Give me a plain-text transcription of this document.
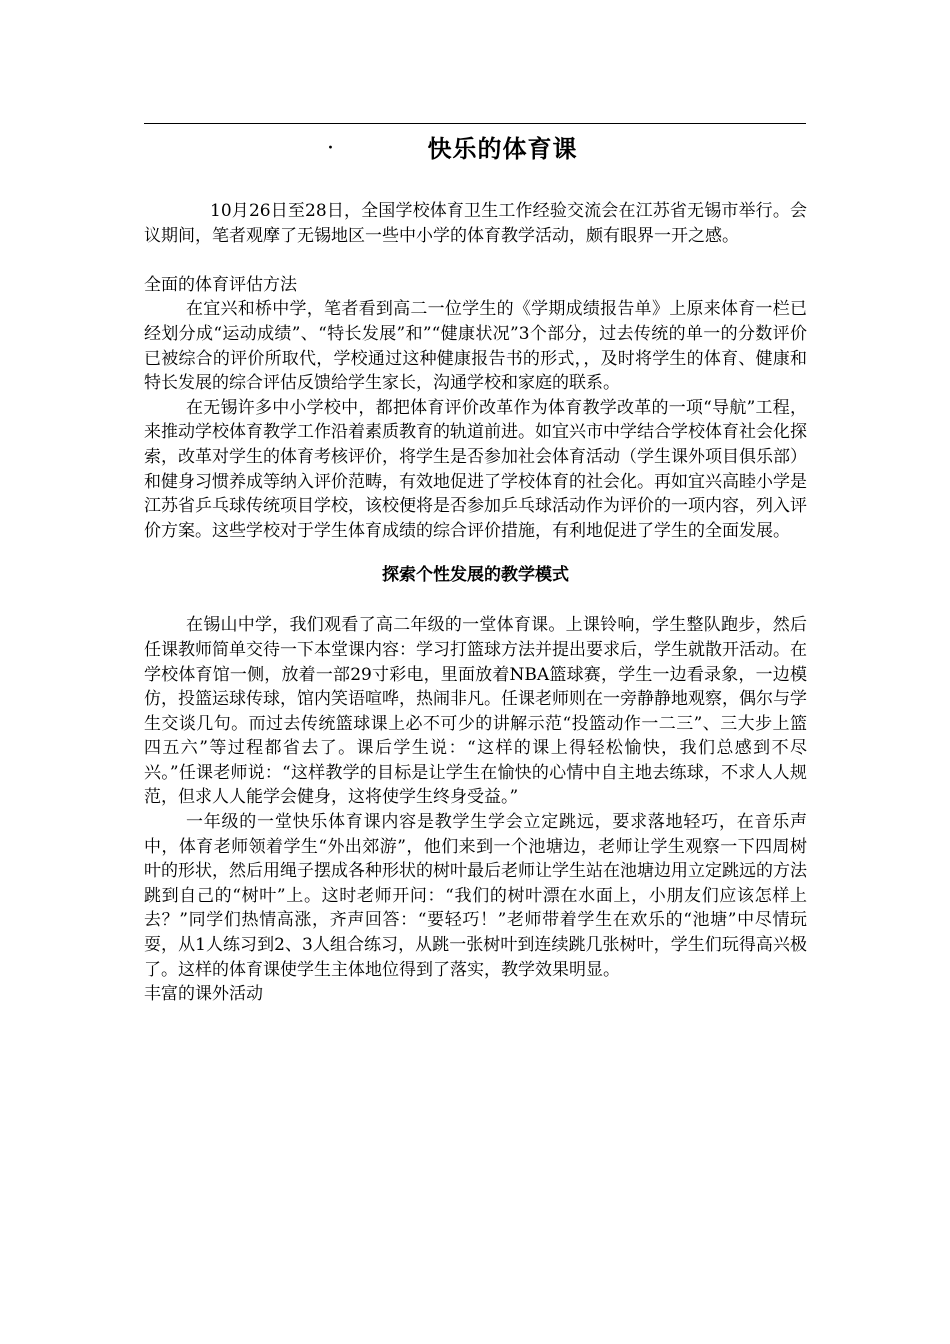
·	快乐的体育课

10月26日至28日，全国学校体育卫生工作经验交流会在江苏省无锡市举行。会议期间，笔者观摩了无锡地区一些中小学的体育教学活动，颇有眼界一开之感。

全面的体育评估方法

在宜兴和桥中学，笔者看到高二一位学生的《学期成绩报告单》上原来体育一栏已经划分成“运动成绩”、“特长发展”和”“健康状况”3个部分，过去传统的单一的分数评价已被综合的评价所取代，学校通过这种健康报告书的形式，，及时将学生的体育、健康和特长发展的综合评估反馈给学生家长，沟通学校和家庭的联系。

在无锡许多中小学校中，都把体育评价改革作为体育教学改革的一项“导航”工程，来推动学校体育教学工作沿着素质教育的轨道前进。如宜兴市中学结合学校体育社会化探索，改革对学生的体育考核评价，将学生是否参加社会体育活动（学生课外项目俱乐部）和健身习惯养成等纳入评价范畴，有效地促进了学校体育的社会化。再如宜兴高睦小学是江苏省乒乓球传统项目学校，该校便将是否参加乒乓球活动作为评价的一项内容，列入评价方案。这些学校对于学生体育成绩的综合评价措施，有利地促进了学生的全面发展。

探索个性发展的教学模式

在锡山中学，我们观看了高二年级的一堂体育课。上课铃响，学生整队跑步，然后任课教师简单交待一下本堂课内容：学习打篮球方法并提出要求后，学生就散开活动。在学校体育馆一侧，放着一部29寸彩电，里面放着NBA篮球赛，学生一边看录象，一边模仿，投篮运球传球，馆内笑语喧哗，热闹非凡。任课老师则在一旁静静地观察，偶尔与学生交谈几句。而过去传统篮球课上必不可少的讲解示范“投篮动作一二三”、三大步上篮四五六”等过程都省去了。课后学生说：“这样的课上得轻松愉快，我们总感到不尽兴。”任课老师说：“这样教学的目标是让学生在愉快的心情中自主地去练球，不求人人规范，但求人人能学会健身，这将使学生终身受益。”

一年级的一堂快乐体育课内容是教学生学会立定跳远，要求落地轻巧，在音乐声中，体育老师领着学生“外出郊游”，他们来到一个池塘边，老师让学生观察一下四周树叶的形状，然后用绳子摆成各种形状的树叶最后老师让学生站在池塘边用立定跳远的方法跳到自己的“树叶”上。这时老师开问：“我们的树叶漂在水面上，小朋友们应该怎样上去？”同学们热情高涨，齐声回答：“要轻巧！”老师带着学生在欢乐的“池塘”中尽情玩耍，从1人练习到2、3人组合练习，从跳一张树叶到连续跳几张树叶，学生们玩得高兴极了。这样的体育课使学生主体地位得到了落实，教学效果明显。

丰富的课外活动
